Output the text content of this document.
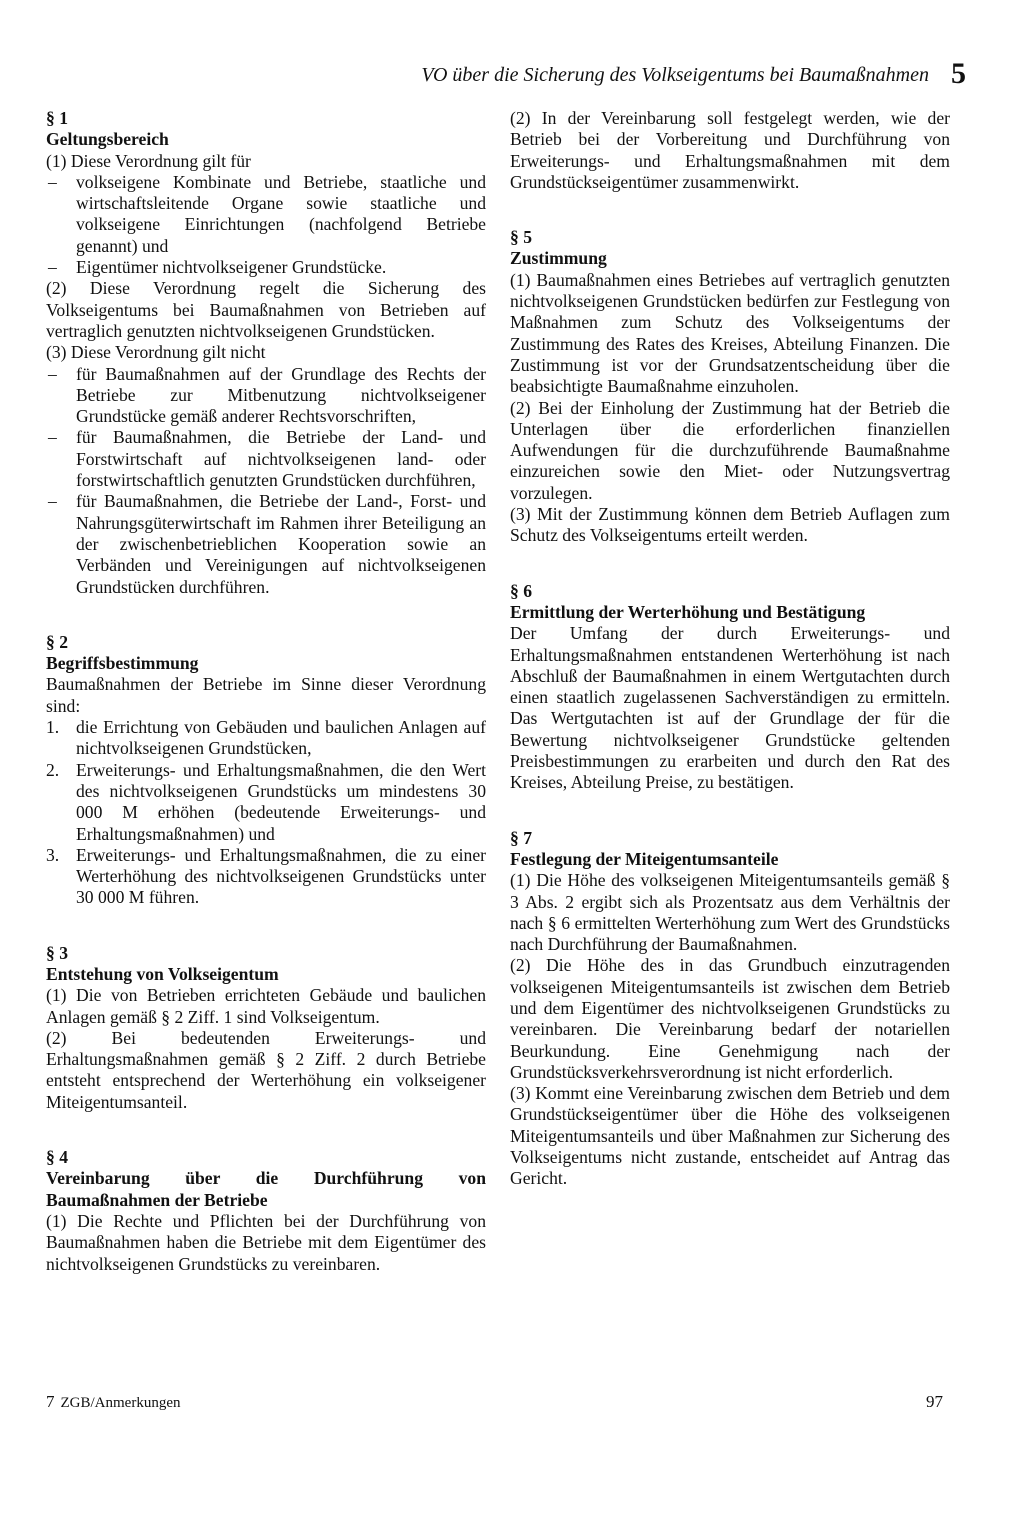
VO über die Sicherung des Volkseigentums bei Baumaßnahmen 5
§ 1
Geltungsbereich

(1) Diese Verordnung gilt für

– volkseigene Kombinate und Betriebe, staatliche und wirtschaftsleitende Organe sowie staatliche und volkseigene Einrichtungen (nachfolgend Betriebe genannt) und

– Eigentümer nichtvolkseigener Grundstücke.

(2) Diese Verordnung regelt die Sicherung des Volkseigentums bei Baumaßnahmen von Betrieben auf vertraglich genutzten nichtvolkseigenen Grundstücken.

(3) Diese Verordnung gilt nicht

– für Baumaßnahmen auf der Grundlage des Rechts der Betriebe zur Mitbenutzung nichtvolkseigener Grundstücke gemäß anderer Rechtsvorschriften,

– für Baumaßnahmen, die Betriebe der Land- und Forstwirtschaft auf nichtvolkseigenen land- oder forstwirtschaftlich genutzten Grundstücken durchführen,

– für Baumaßnahmen, die Betriebe der Land-, Forst- und Nahrungsgüterwirtschaft im Rahmen ihrer Beteiligung an der zwischenbetrieblichen Kooperation sowie an Verbänden und Vereinigungen auf nichtvolkseigenen Grundstücken durchführen.

§ 2
Begriffsbestimmung

Baumaßnahmen der Betriebe im Sinne dieser Verordnung sind:

1. die Errichtung von Gebäuden und baulichen Anlagen auf nichtvolkseigenen Grundstücken,

2. Erweiterungs- und Erhaltungsmaßnahmen, die den Wert des nichtvolkseigenen Grundstücks um mindestens 30 000 M erhöhen (bedeutende Erweiterungs- und Erhaltungsmaßnahmen) und

3. Erweiterungs- und Erhaltungsmaßnahmen, die zu einer Werterhöhung des nichtvolkseigenen Grundstücks unter 30 000 M führen.

§ 3
Entstehung von Volkseigentum

(1) Die von Betrieben errichteten Gebäude und baulichen Anlagen gemäß § 2 Ziff. 1 sind Volkseigentum.

(2) Bei bedeutenden Erweiterungs- und Erhaltungsmaßnahmen gemäß § 2 Ziff. 2 durch Betriebe entsteht entsprechend der Werterhöhung ein volkseigener Miteigentumsanteil.

§ 4
Vereinbarung über die Durchführung von Baumaßnahmen der Betriebe

(1) Die Rechte und Pflichten bei der Durchführung von Baumaßnahmen haben die Betriebe mit dem Eigentümer des nichtvolkseigenen Grundstücks zu vereinbaren.

(2) In der Vereinbarung soll festgelegt werden, wie der Betrieb bei der Vorbereitung und Durchführung von Erweiterungs- und Erhaltungsmaßnahmen mit dem Grundstückseigentümer zusammenwirkt.

§ 5
Zustimmung

(1) Baumaßnahmen eines Betriebes auf vertraglich genutzten nichtvolkseigenen Grundstücken bedürfen zur Festlegung von Maßnahmen zum Schutz des Volkseigentums der Zustimmung des Rates des Kreises, Abteilung Finanzen. Die Zustimmung ist vor der Grundsatzentscheidung über die beabsichtigte Baumaßnahme einzuholen.

(2) Bei der Einholung der Zustimmung hat der Betrieb die Unterlagen über die erforderlichen finanziellen Aufwendungen für die durchzuführende Baumaßnahme einzureichen sowie den Miet- oder Nutzungsvertrag vorzulegen.

(3) Mit der Zustimmung können dem Betrieb Auflagen zum Schutz des Volkseigentums erteilt werden.

§ 6
Ermittlung der Werterhöhung und Bestätigung

Der Umfang der durch Erweiterungs- und Erhaltungsmaßnahmen entstandenen Werterhöhung ist nach Abschluß der Baumaßnahmen in einem Wertgutachten durch einen staatlich zugelassenen Sachverständigen zu ermitteln. Das Wertgutachten ist auf der Grundlage der für die Bewertung nichtvolkseigener Grundstücke geltenden Preisbestimmungen zu erarbeiten und durch den Rat des Kreises, Abteilung Preise, zu bestätigen.

§ 7
Festlegung der Miteigentumsanteile

(1) Die Höhe des volkseigenen Miteigentumsanteils gemäß § 3 Abs. 2 ergibt sich als Prozentsatz aus dem Verhältnis der nach § 6 ermittelten Werterhöhung zum Wert des Grundstücks nach Durchführung der Baumaßnahmen.

(2) Die Höhe des in das Grundbuch einzutragenden volkseigenen Miteigentumsanteils ist zwischen dem Betrieb und dem Eigentümer des nichtvolkseigenen Grundstücks zu vereinbaren. Die Vereinbarung bedarf der notariellen Beurkundung. Eine Genehmigung nach der Grundstücksverkehrsverordnung ist nicht erforderlich.

(3) Kommt eine Vereinbarung zwischen dem Betrieb und dem Grundstückseigentümer über die Höhe des volkseigenen Miteigentumsanteils und über Maßnahmen zur Sicherung des Volkseigentums nicht zustande, entscheidet auf Antrag das Gericht.

7 ZGB/Anmerkungen	97
